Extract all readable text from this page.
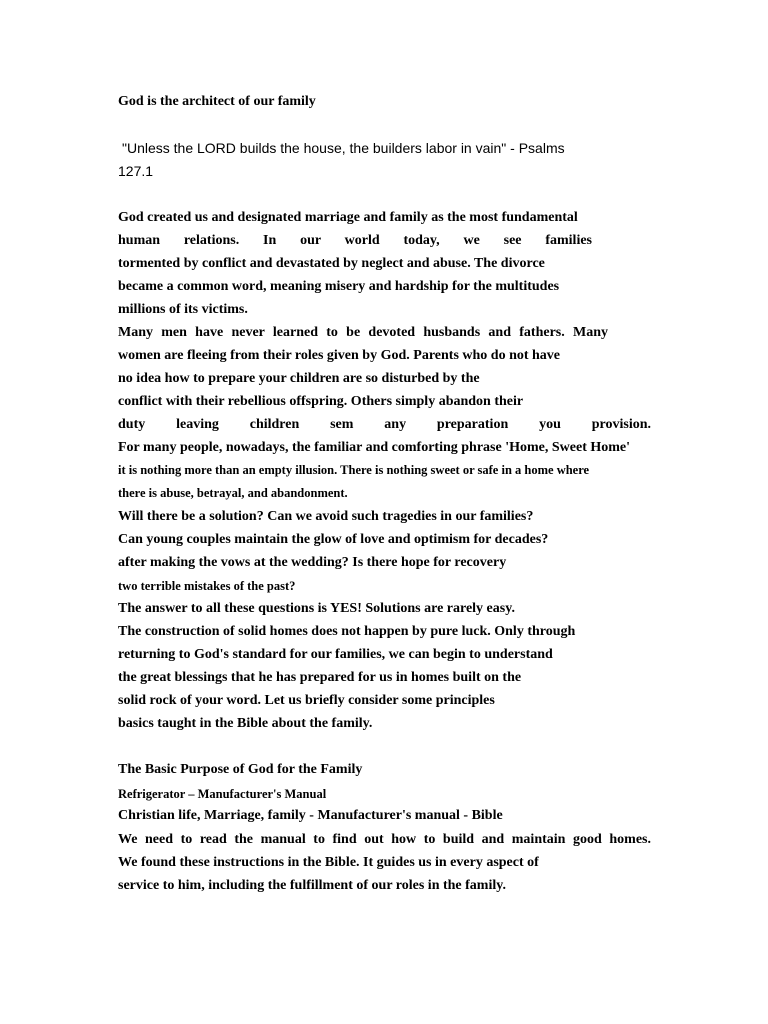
God is the architect of our family
"Unless the LORD builds the house, the builders labor in vain" - Psalms
127.1
God created us and designated marriage and family as the most fundamental
human relations. In our world today, we see families
tormented by conflict and devastated by neglect and abuse. The divorce
became a common word, meaning misery and hardship for the multitudes
millions of its victims.
Many men have never learned to be devoted husbands and fathers. Many
women are fleeing from their roles given by God. Parents who do not have
no idea how to prepare your children are so disturbed by the
conflict with their rebellious offspring. Others simply abandon their
duty leaving children sem any preparation you provision.
For many people, nowadays, the familiar and comforting phrase 'Home, Sweet Home'
it is nothing more than an empty illusion. There is nothing sweet or safe in a home where
there is abuse, betrayal, and abandonment.
Will there be a solution? Can we avoid such tragedies in our families?
Can young couples maintain the glow of love and optimism for decades?
after making the vows at the wedding? Is there hope for recovery
two terrible mistakes of the past?
The answer to all these questions is YES! Solutions are rarely easy.
The construction of solid homes does not happen by pure luck. Only through
returning to God's standard for our families, we can begin to understand
the great blessings that he has prepared for us in homes built on the
solid rock of your word. Let us briefly consider some principles
basics taught in the Bible about the family.
The Basic Purpose of God for the Family
Refrigerator – Manufacturer's Manual
Christian life, Marriage, family - Manufacturer's manual - Bible
We need to read the manual to find out how to build and maintain good homes.
We found these instructions in the Bible. It guides us in every aspect of
service to him, including the fulfillment of our roles in the family.
